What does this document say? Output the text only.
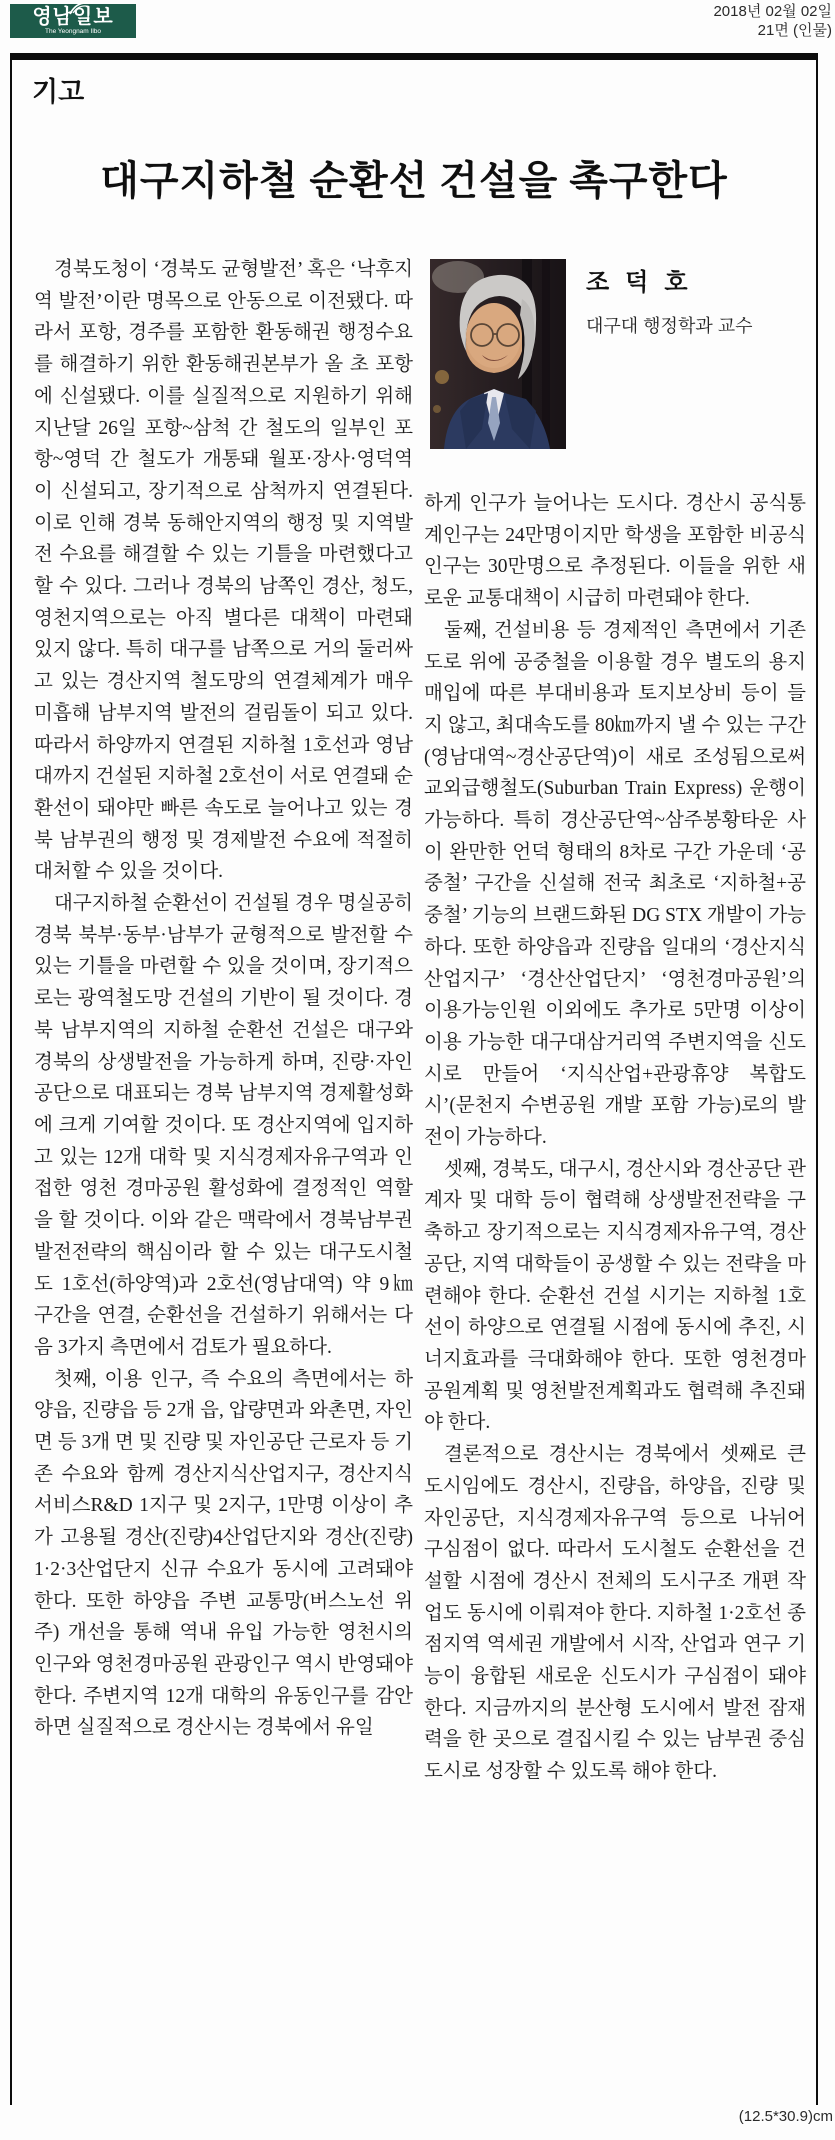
영남일보
The Yeongnam Ilbo
2018년 02월 02일
21면 (인물)
기고
대구지하철 순환선 건설을 촉구한다
조 덕 호
대구대 행정학과 교수

경북도청이 ‘경북도 균형발전’ 혹은 ‘낙후지역 발전’이란 명목으로 안동으로 이전됐다. 따라서 포항, 경주를 포함한 환동해권 행정수요를 해결하기 위한 환동해권본부가 올 초 포항에 신설됐다. 이를 실질적으로 지원하기 위해 지난달 26일 포항~삼척 간 철도의 일부인 포항~영덕 간 철도가 개통돼 월포·장사·영덕역이 신설되고, 장기적으로 삼척까지 연결된다. 이로 인해 경북 동해안지역의 행정 및 지역발전 수요를 해결할 수 있는 기틀을 마련했다고 할 수 있다. 그러나 경북의 남쪽인 경산, 청도, 영천지역으로는 아직 별다른 대책이 마련돼 있지 않다. 특히 대구를 남쪽으로 거의 둘러싸고 있는 경산지역 철도망의 연결체계가 매우 미흡해 남부지역 발전의 걸림돌이 되고 있다. 따라서 하양까지 연결된 지하철 1호선과 영남대까지 건설된 지하철 2호선이 서로 연결돼 순환선이 돼야만 빠른 속도로 늘어나고 있는 경북 남부권의 행정 및 경제발전 수요에 적절히 대처할 수 있을 것이다.

대구지하철 순환선이 건설될 경우 명실공히 경북 북부·동부·남부가 균형적으로 발전할 수 있는 기틀을 마련할 수 있을 것이며, 장기적으로는 광역철도망 건설의 기반이 될 것이다. 경북 남부지역의 지하철 순환선 건설은 대구와 경북의 상생발전을 가능하게 하며, 진량·자인 공단으로 대표되는 경북 남부지역 경제활성화에 크게 기여할 것이다. 또 경산지역에 입지하고 있는 12개 대학 및 지식경제자유구역과 인접한 영천 경마공원 활성화에 결정적인 역할을 할 것이다. 이와 같은 맥락에서 경북남부권 발전전략의 핵심이라 할 수 있는 대구도시철도 1호선(하양역)과 2호선(영남대역) 약 9㎞ 구간을 연결, 순환선을 건설하기 위해서는 다음 3가지 측면에서 검토가 필요하다.

첫째, 이용 인구, 즉 수요의 측면에서는 하양읍, 진량읍 등 2개 읍, 압량면과 와촌면, 자인면 등 3개 면 및 진량 및 자인공단 근로자 등 기존 수요와 함께 경산지식산업지구, 경산지식서비스R&D 1지구 및 2지구, 1만명 이상이 추가 고용될 경산(진량)4산업단지와 경산(진량)1·2·3산업단지 신규 수요가 동시에 고려돼야 한다. 또한 하양읍 주변 교통망(버스노선 위주) 개선을 통해 역내 유입 가능한 영천시의 인구와 영천경마공원 관광인구 역시 반영돼야 한다. 주변지역 12개 대학의 유동인구를 감안하면 실질적으로 경산시는 경북에서 유일

하게 인구가 늘어나는 도시다. 경산시 공식통계인구는 24만명이지만 학생을 포함한 비공식인구는 30만명으로 추정된다. 이들을 위한 새로운 교통대책이 시급히 마련돼야 한다.

둘째, 건설비용 등 경제적인 측면에서 기존도로 위에 공중철을 이용할 경우 별도의 용지매입에 따른 부대비용과 토지보상비 등이 들지 않고, 최대속도를 80㎞까지 낼 수 있는 구간(영남대역~경산공단역)이 새로 조성됨으로써 교외급행철도(Suburban Train Express) 운행이 가능하다. 특히 경산공단역~삼주봉황타운 사이 완만한 언덕 형태의 8차로 구간 가운데 ‘공중철’ 구간을 신설해 전국 최초로 ‘지하철+공중철’ 기능의 브랜드화된 DG STX 개발이 가능하다. 또한 하양읍과 진량읍 일대의 ‘경산지식산업지구’ ‘경산산업단지’ ‘영천경마공원’의 이용가능인원 이외에도 추가로 5만명 이상이 이용 가능한 대구대삼거리역 주변지역을 신도시로 만들어 ‘지식산업+관광휴양 복합도시’(문천지 수변공원 개발 포함 가능)로의 발전이 가능하다.

셋째, 경북도, 대구시, 경산시와 경산공단 관계자 및 대학 등이 협력해 상생발전전략을 구축하고 장기적으로는 지식경제자유구역, 경산공단, 지역 대학들이 공생할 수 있는 전략을 마련해야 한다. 순환선 건설 시기는 지하철 1호선이 하양으로 연결될 시점에 동시에 추진, 시너지효과를 극대화해야 한다. 또한 영천경마공원계획 및 영천발전계획과도 협력해 추진돼야 한다.

결론적으로 경산시는 경북에서 셋째로 큰 도시임에도 경산시, 진량읍, 하양읍, 진량 및 자인공단, 지식경제자유구역 등으로 나뉘어 구심점이 없다. 따라서 도시철도 순환선을 건설할 시점에 경산시 전체의 도시구조 개편 작업도 동시에 이뤄져야 한다. 지하철 1·2호선 종점지역 역세권 개발에서 시작, 산업과 연구 기능이 융합된 새로운 신도시가 구심점이 돼야 한다. 지금까지의 분산형 도시에서 발전 잠재력을 한 곳으로 결집시킬 수 있는 남부권 중심도시로 성장할 수 있도록 해야 한다.

(12.5*30.9)cm
